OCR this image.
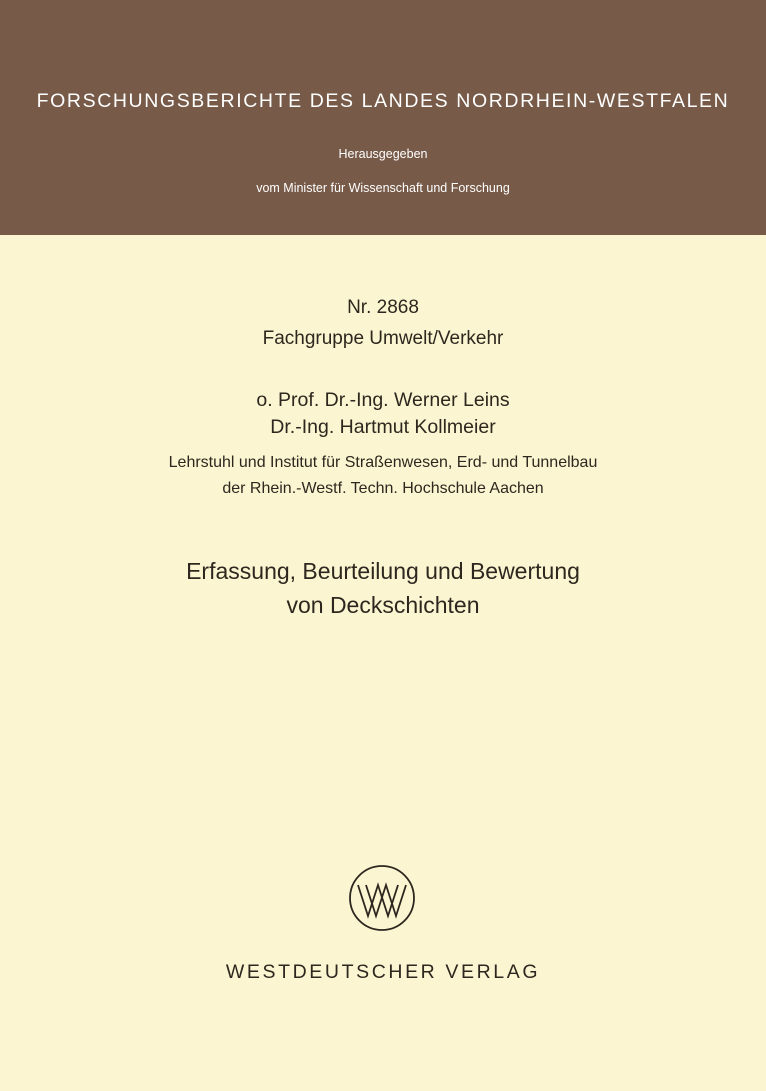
FORSCHUNGSBERICHTE DES LANDES NORDRHEIN-WESTFALEN
Herausgegeben
vom Minister für Wissenschaft und Forschung
Nr. 2868
Fachgruppe Umwelt/Verkehr
o. Prof. Dr.-Ing. Werner Leins
Dr.-Ing. Hartmut Kollmeier
Lehrstuhl und Institut für Straßenwesen, Erd- und Tunnelbau
der Rhein.-Westf. Techn. Hochschule Aachen
Erfassung, Beurteilung und Bewertung
von Deckschichten
WESTDEUTSCHER VERLAG
